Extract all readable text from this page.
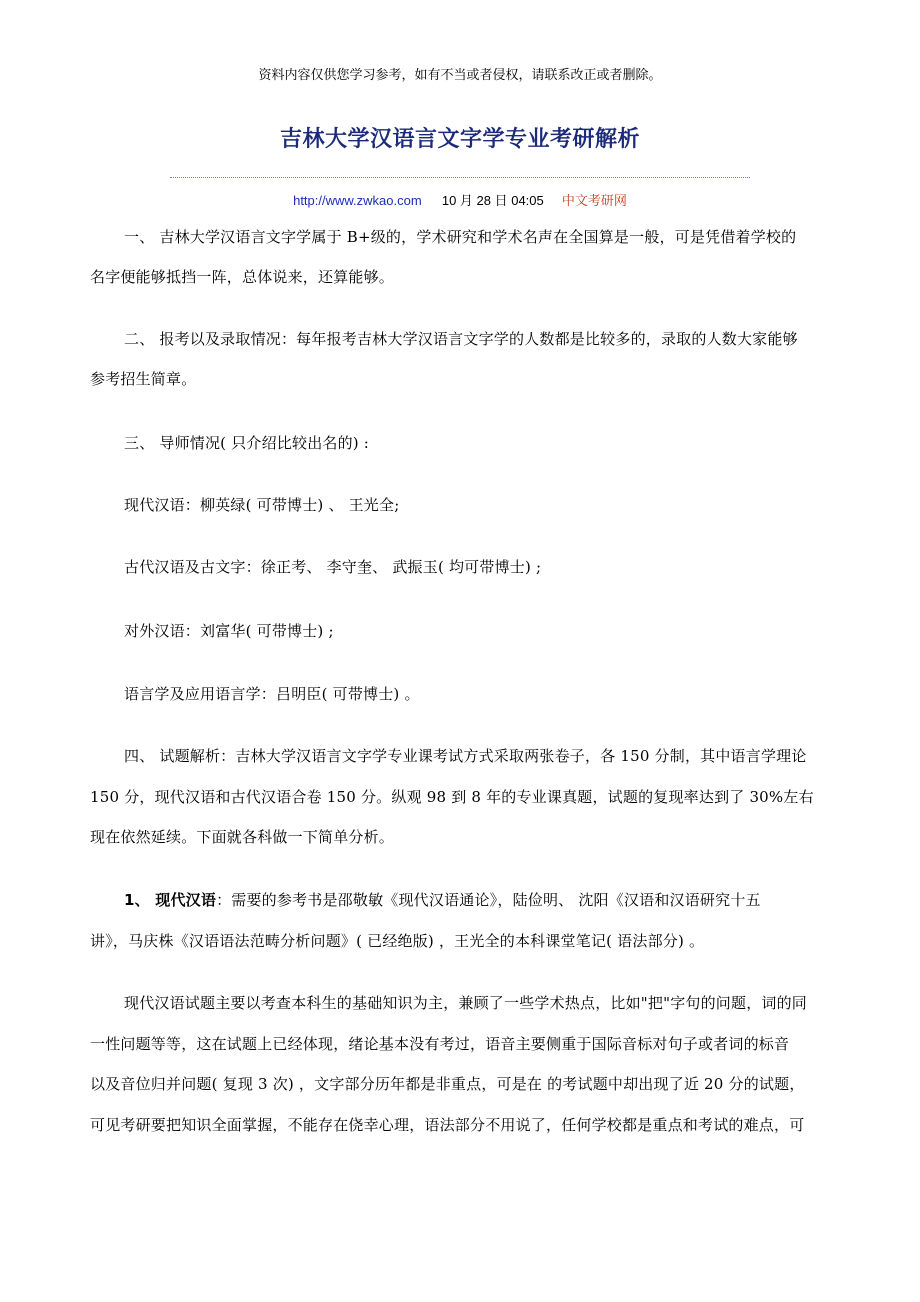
资料内容仅供您学习参考，如有不当或者侵权，请联系改正或者删除。
吉林大学汉语言文字学专业考研解析
http://www.zwkao.com 10 月 28 日 04:05 中文考研网
一、 吉林大学汉语言文字学属于 B+级的，学术研究和学术名声在全国算是一般，可是凭借着学校的
名字便能够抵挡一阵，总体说来，还算能够。
二、 报考以及录取情况：每年报考吉林大学汉语言文字学的人数都是比较多的，录取的人数大家能够
参考招生简章。
三、 导师情况( 只介绍比较出名的) :
现代汉语：柳英绿( 可带博士) 、 王光全;
古代汉语及古文字：徐正考、 李守奎、 武振玉( 均可带博士) ;
对外汉语：刘富华( 可带博士) ;
语言学及应用语言学：吕明臣( 可带博士) 。
四、 试题解析：吉林大学汉语言文字学专业课考试方式采取两张卷子，各 150 分制，其中语言学理论
150 分，现代汉语和古代汉语合卷 150 分。纵观 98 到 8 年的专业课真题，试题的复现率达到了 30%左右
现在依然延续。下面就各科做一下简单分析。
1、 现代汉语：需要的参考书是邵敬敏《现代汉语通论》，陆俭明、 沈阳《汉语和汉语研究十五
讲》，马庆株《汉语语法范畴分析问题》( 已经绝版) ，王光全的本科课堂笔记( 语法部分) 。
现代汉语试题主要以考查本科生的基础知识为主，兼顾了一些学术热点，比如"把"字句的问题，词的同
一性问题等等，这在试题上已经体现，绪论基本没有考过，语音主要侧重于国际音标对句子或者词的标音
以及音位归并问题( 复现 3 次) ，文字部分历年都是非重点，可是在 的考试题中却出现了近 20 分的试题，
可见考研要把知识全面掌握，不能存在侥幸心理，语法部分不用说了，任何学校都是重点和考试的难点，可
